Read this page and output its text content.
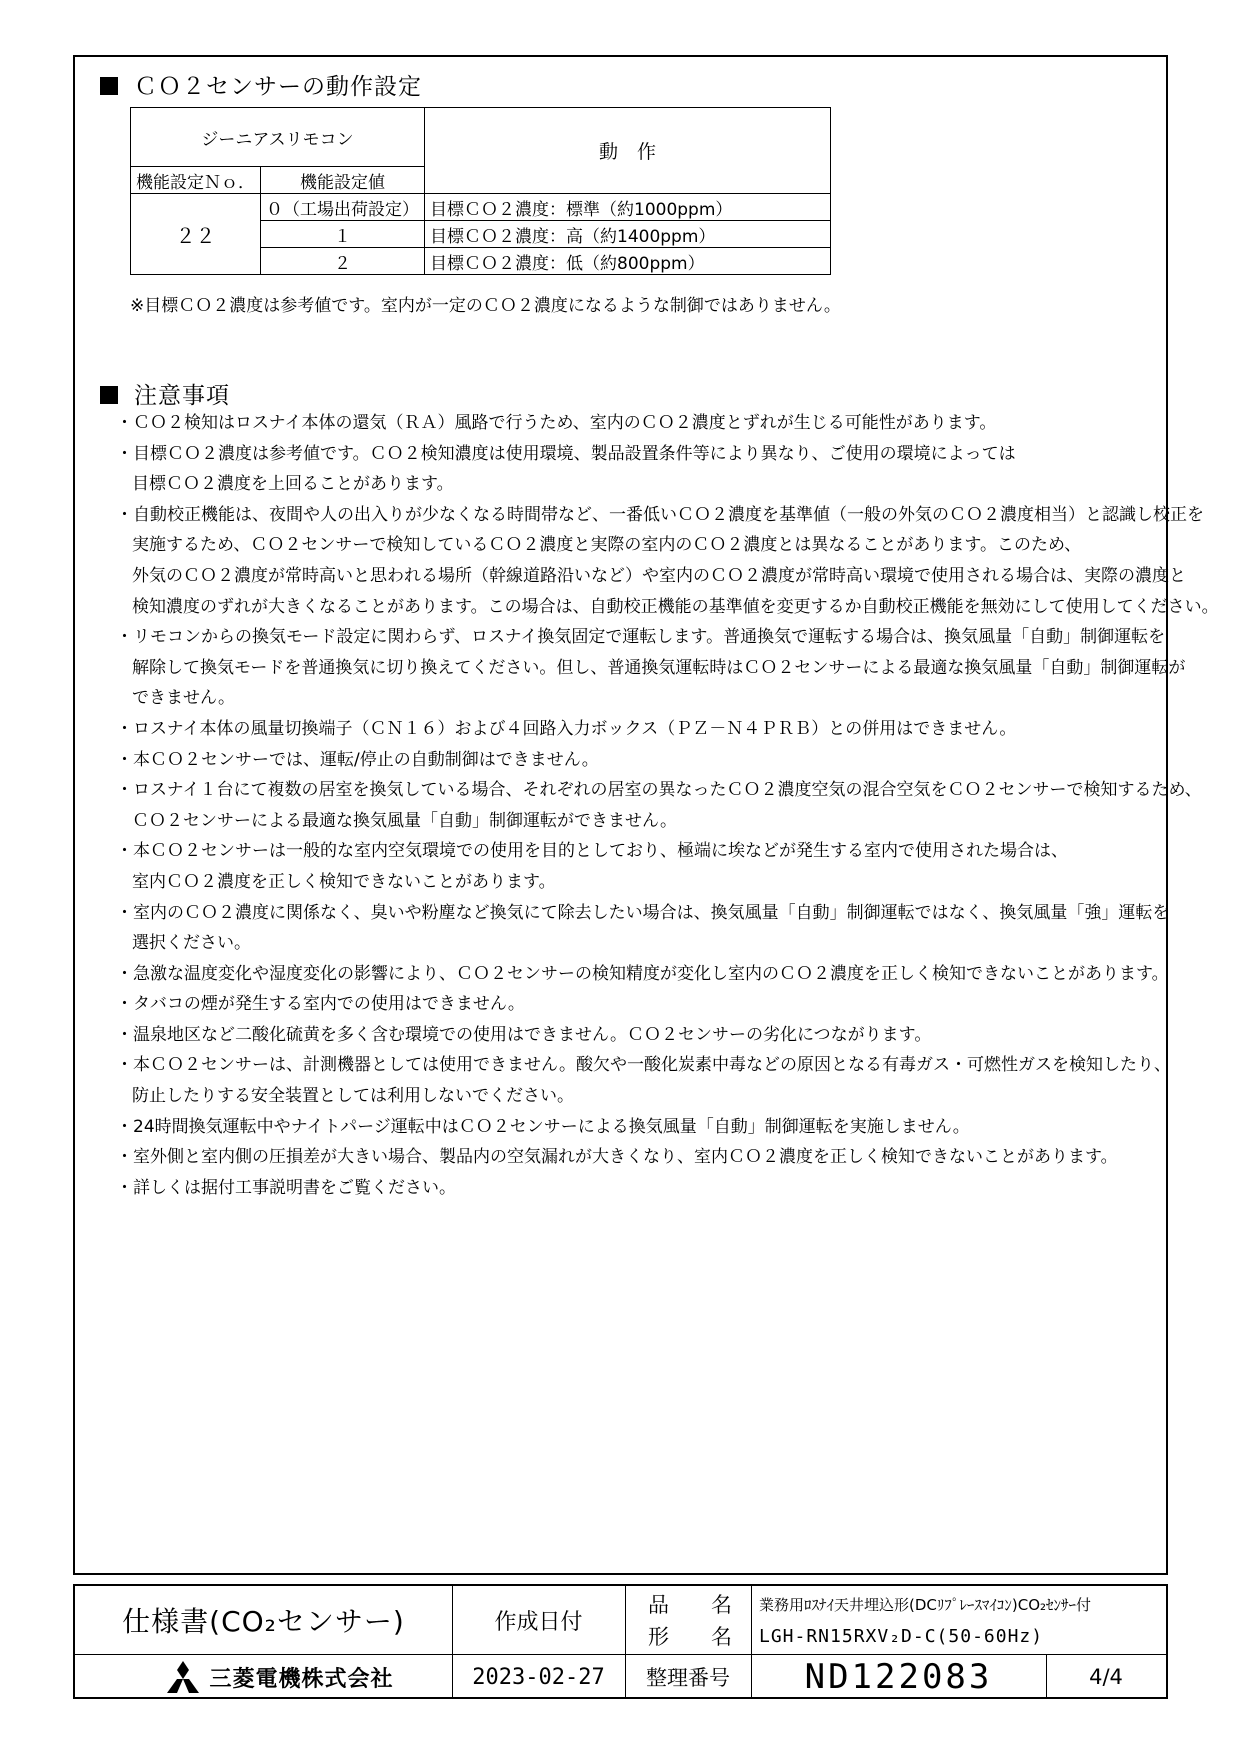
ＣＯ２センサーの動作設定
ジーニアスリモコン		動　作
機能設定Ｎｏ．	機能設定値	
２２	０（工場出荷設定）	目標ＣＯ２濃度：標準（約1000ppm）
	１	目標ＣＯ２濃度：高（約1400ppm）
	２	目標ＣＯ２濃度：低（約800ppm）
※目標ＣＯ２濃度は参考値です。室内が一定のＣＯ２濃度になるような制御ではありません。
注意事項
・ＣＯ２検知はロスナイ本体の還気（ＲＡ）風路で行うため、室内のＣＯ２濃度とずれが生じる可能性があります。
・目標ＣＯ２濃度は参考値です。ＣＯ２検知濃度は使用環境、製品設置条件等により異なり、ご使用の環境によっては
目標ＣＯ２濃度を上回ることがあります。
・自動校正機能は、夜間や人の出入りが少なくなる時間帯など、一番低いＣＯ２濃度を基準値（一般の外気のＣＯ２濃度相当）と認識し校正を
実施するため、ＣＯ２センサーで検知しているＣＯ２濃度と実際の室内のＣＯ２濃度とは異なることがあります。このため、
外気のＣＯ２濃度が常時高いと思われる場所（幹線道路沿いなど）や室内のＣＯ２濃度が常時高い環境で使用される場合は、実際の濃度と
検知濃度のずれが大きくなることがあります。この場合は、自動校正機能の基準値を変更するか自動校正機能を無効にして使用してください。
・リモコンからの換気モード設定に関わらず、ロスナイ換気固定で運転します。普通換気で運転する場合は、換気風量「自動」制御運転を
解除して換気モードを普通換気に切り換えてください。但し、普通換気運転時はＣＯ２センサーによる最適な換気風量「自動」制御運転が
できません。
・ロスナイ本体の風量切換端子（ＣＮ１６）および４回路入力ボックス（ＰＺ－Ｎ４ＰＲＢ）との併用はできません。
・本ＣＯ２センサーでは、運転/停止の自動制御はできません。
・ロスナイ１台にて複数の居室を換気している場合、それぞれの居室の異なったＣＯ２濃度空気の混合空気をＣＯ２センサーで検知するため、
ＣＯ２センサーによる最適な換気風量「自動」制御運転ができません。
・本ＣＯ２センサーは一般的な室内空気環境での使用を目的としており、極端に埃などが発生する室内で使用された場合は、
室内ＣＯ２濃度を正しく検知できないことがあります。
・室内のＣＯ２濃度に関係なく、臭いや粉塵など換気にて除去したい場合は、換気風量「自動」制御運転ではなく、換気風量「強」運転を
選択ください。
・急激な温度変化や湿度変化の影響により、ＣＯ２センサーの検知精度が変化し室内のＣＯ２濃度を正しく検知できないことがあります。
・タバコの煙が発生する室内での使用はできません。
・温泉地区など二酸化硫黄を多く含む環境での使用はできません。ＣＯ２センサーの劣化につながります。
・本ＣＯ２センサーは、計測機器としては使用できません。酸欠や一酸化炭素中毒などの原因となる有毒ガス・可燃性ガスを検知したり、
防止したりする安全装置としては利用しないでください。
・24時間換気運転中やナイトパージ運転中はＣＯ２センサーによる換気風量「自動」制御運転を実施しません。
・室外側と室内側の圧損差が大きい場合、製品内の空気漏れが大きくなり、室内ＣＯ２濃度を正しく検知できないことがあります。
・詳しくは据付工事説明書をご覧ください。
仕様書(CO₂センサー)	作成日付
品　　名
形　　名
業務用ﾛｽﾅｲ天井埋込形(DCﾘﾌﾟﾚｰｽﾏｲｺﾝ)CO₂ｾﾝｻｰ付
LGH-RN15RXV₂D-C(50-60Hz)
三菱電機株式会社	2023-02-27	整理番号	ND122083	4/4
